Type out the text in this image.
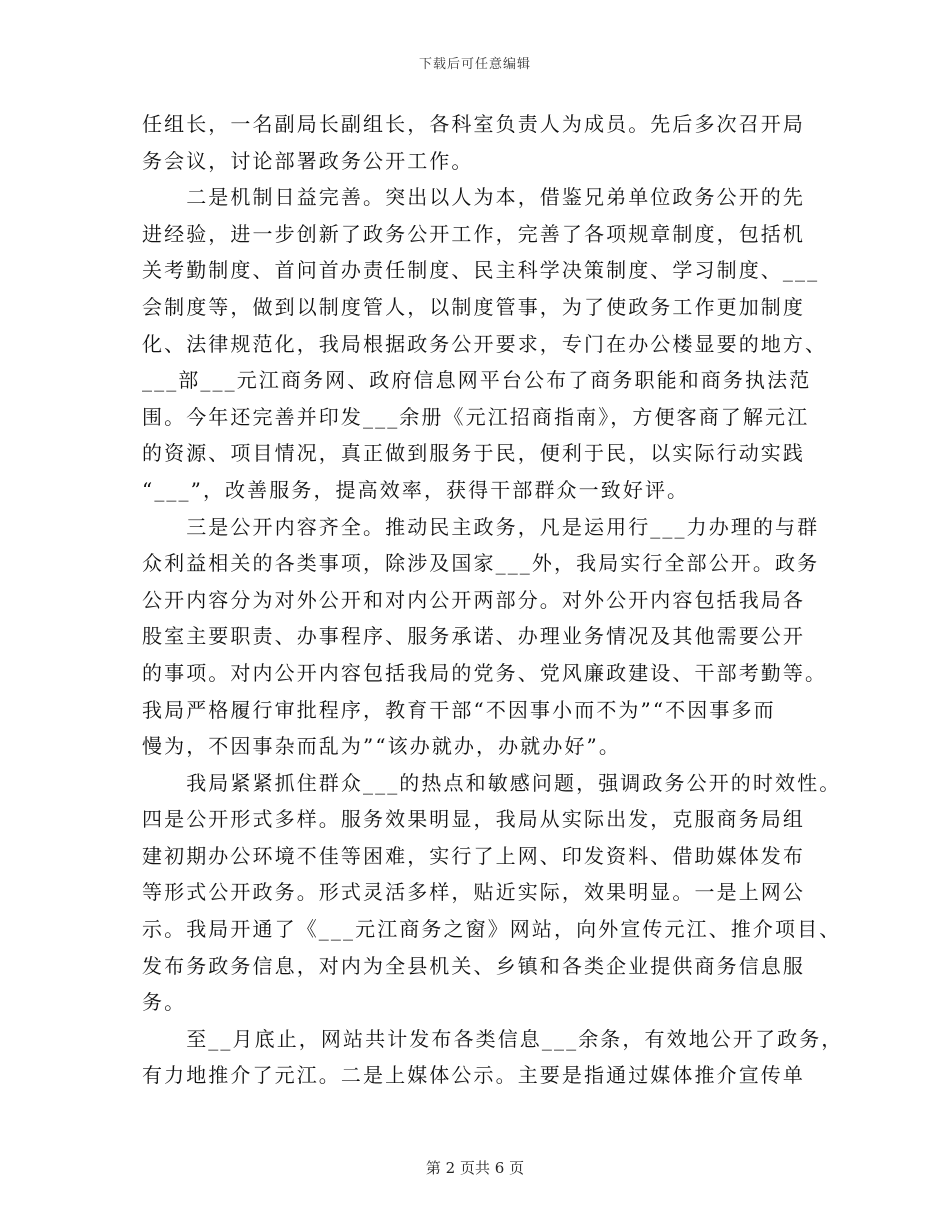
下载后可任意编辑
任组长，一名副局长副组长，各科室负责人为成员。先后多次召开局
务会议，讨论部署政务公开工作。
　　二是机制日益完善。突出以人为本，借鉴兄弟单位政务公开的先
进经验，进一步创新了政务公开工作，完善了各项规章制度，包括机
关考勤制度、首问首办责任制度、民主科学决策制度、学习制度、___
会制度等，做到以制度管人，以制度管事，为了使政务工作更加制度
化、法律规范化，我局根据政务公开要求，专门在办公楼显要的地方、
___部___元江商务网、政府信息网平台公布了商务职能和商务执法范
围。今年还完善并印发___余册《元江招商指南》，方便客商了解元江
的资源、项目情况，真正做到服务于民，便利于民，以实际行动实践
“___”，改善服务，提高效率，获得干部群众一致好评。
　　三是公开内容齐全。推动民主政务，凡是运用行___力办理的与群
众利益相关的各类事项，除涉及国家___外，我局实行全部公开。政务
公开内容分为对外公开和对内公开两部分。对外公开内容包括我局各
股室主要职责、办事程序、服务承诺、办理业务情况及其他需要公开
的事项。对内公开内容包括我局的党务、党风廉政建设、干部考勤等。
我局严格履行审批程序，教育干部“不因事小而不为”“不因事多而
慢为，不因事杂而乱为”“该办就办，办就办好”。
　　我局紧紧抓住群众___的热点和敏感问题，强调政务公开的时效性。
四是公开形式多样。服务效果明显，我局从实际出发，克服商务局组
建初期办公环境不佳等困难，实行了上网、印发资料、借助媒体发布
等形式公开政务。形式灵活多样，贴近实际，效果明显。一是上网公
示。我局开通了《___元江商务之窗》网站，向外宣传元江、推介项目、
发布务政务信息，对内为全县机关、乡镇和各类企业提供商务信息服
务。
　　至__月底止，网站共计发布各类信息___余条，有效地公开了政务，
有力地推介了元江。二是上媒体公示。主要是指通过媒体推介宣传单
第 2 页共 6 页
